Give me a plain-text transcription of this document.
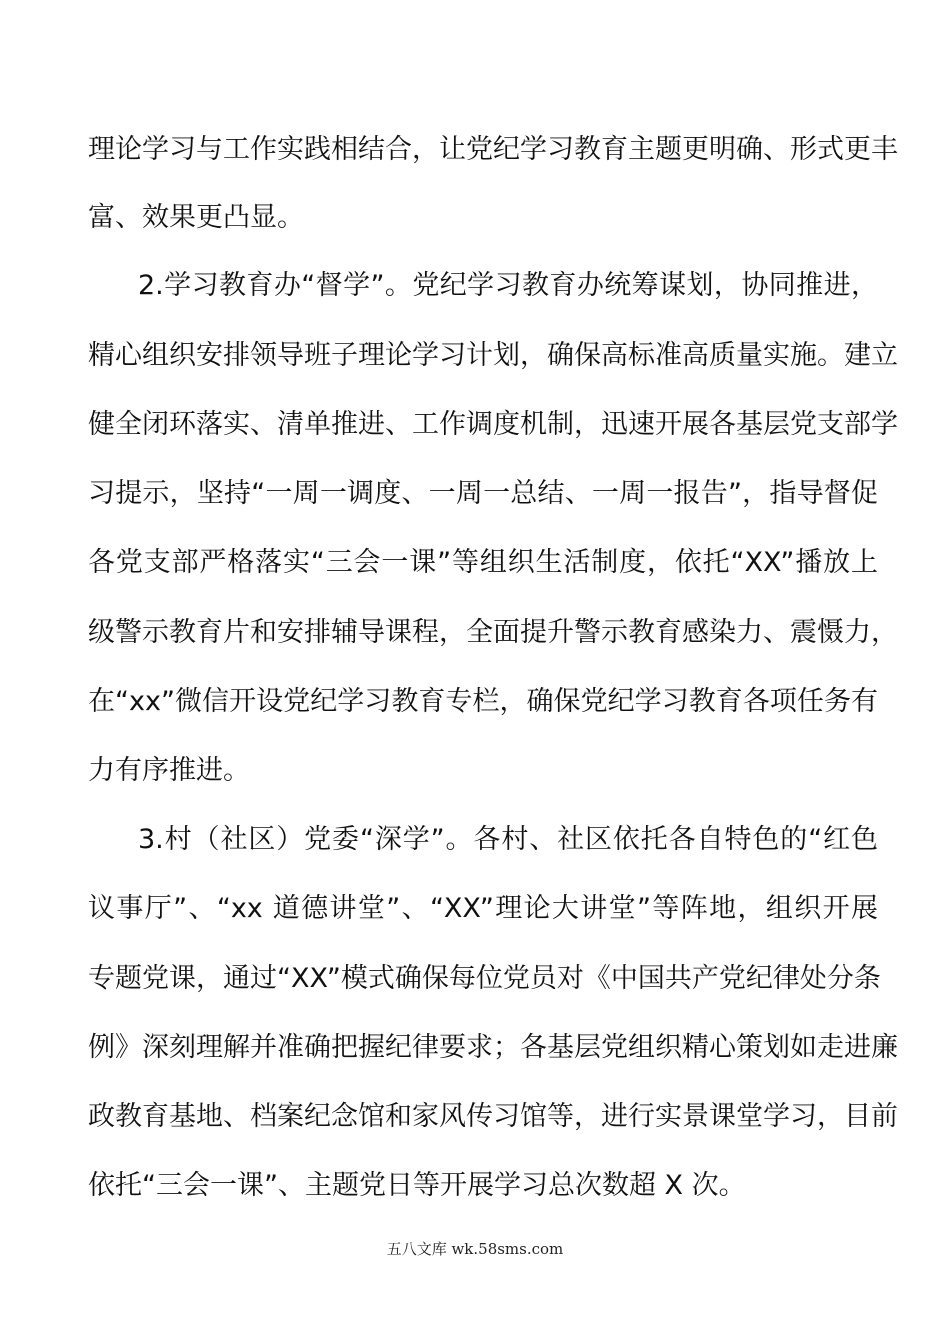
理论学习与工作实践相结合，让党纪学习教育主题更明确、形式更丰
富、效果更凸显。
2.学习教育办“督学”。党纪学习教育办统筹谋划，协同推进，
精心组织安排领导班子理论学习计划，确保高标准高质量实施。建立
健全闭环落实、清单推进、工作调度机制，迅速开展各基层党支部学
习提示，坚持“一周一调度、一周一总结、一周一报告”，指导督促
各党支部严格落实“三会一课”等组织生活制度，依托“XX”播放上
级警示教育片和安排辅导课程，全面提升警示教育感染力、震慑力，
在“xx”微信开设党纪学习教育专栏，确保党纪学习教育各项任务有
力有序推进。
3.村（社区）党委“深学”。各村、社区依托各自特色的“红色
议事厅”、“xx 道德讲堂”、“XX”理论大讲堂”等阵地，组织开展
专题党课，通过“XX”模式确保每位党员对《中国共产党纪律处分条
例》深刻理解并准确把握纪律要求；各基层党组织精心策划如走进廉
政教育基地、档案纪念馆和家风传习馆等，进行实景课堂学习，目前
依托“三会一课”、主题党日等开展学习总次数超 X 次。
五八文库 wk.58sms.com
